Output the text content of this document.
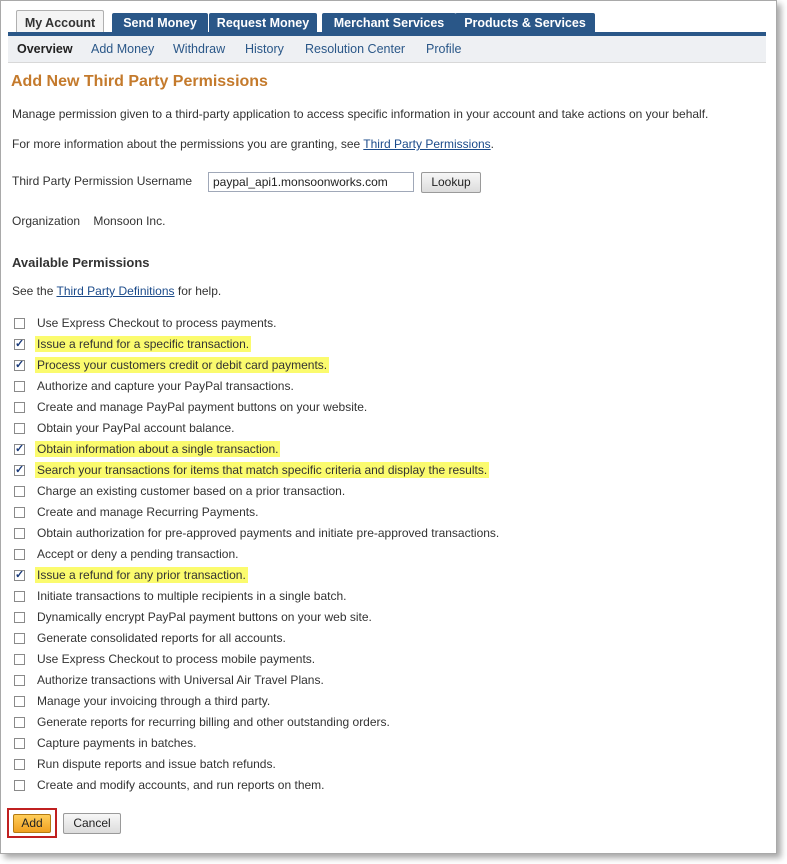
My Account	Send Money	Request Money	Merchant Services	Products & Services
Overview Add Money Withdraw History Resolution Center Profile
Add New Third Party Permissions
Manage permission given to a third-party application to access specific information in your account and take actions on your behalf.
For more information about the permissions you are granting, see Third Party Permissions.
Third Party Permission Username
paypal_api1.monsoonworks.com	Lookup
Organization Monsoon Inc.
Available Permissions
See the Third Party Definitions for help.
Use Express Checkout to process payments.
✓
Issue a refund for a specific transaction.
✓
Process your customers credit or debit card payments.
Authorize and capture your PayPal transactions.
Create and manage PayPal payment buttons on your website.
Obtain your PayPal account balance.
✓
Obtain information about a single transaction.
✓
Search your transactions for items that match specific criteria and display the results.
Charge an existing customer based on a prior transaction.
Create and manage Recurring Payments.
Obtain authorization for pre-approved payments and initiate pre-approved transactions.
Accept or deny a pending transaction.
✓
Issue a refund for any prior transaction.
Initiate transactions to multiple recipients in a single batch.
Dynamically encrypt PayPal payment buttons on your web site.
Generate consolidated reports for all accounts.
Use Express Checkout to process mobile payments.
Authorize transactions with Universal Air Travel Plans.
Manage your invoicing through a third party.
Generate reports for recurring billing and other outstanding orders.
Capture payments in batches.
Run dispute reports and issue batch refunds.
Create and modify accounts, and run reports on them.
Add	Cancel
